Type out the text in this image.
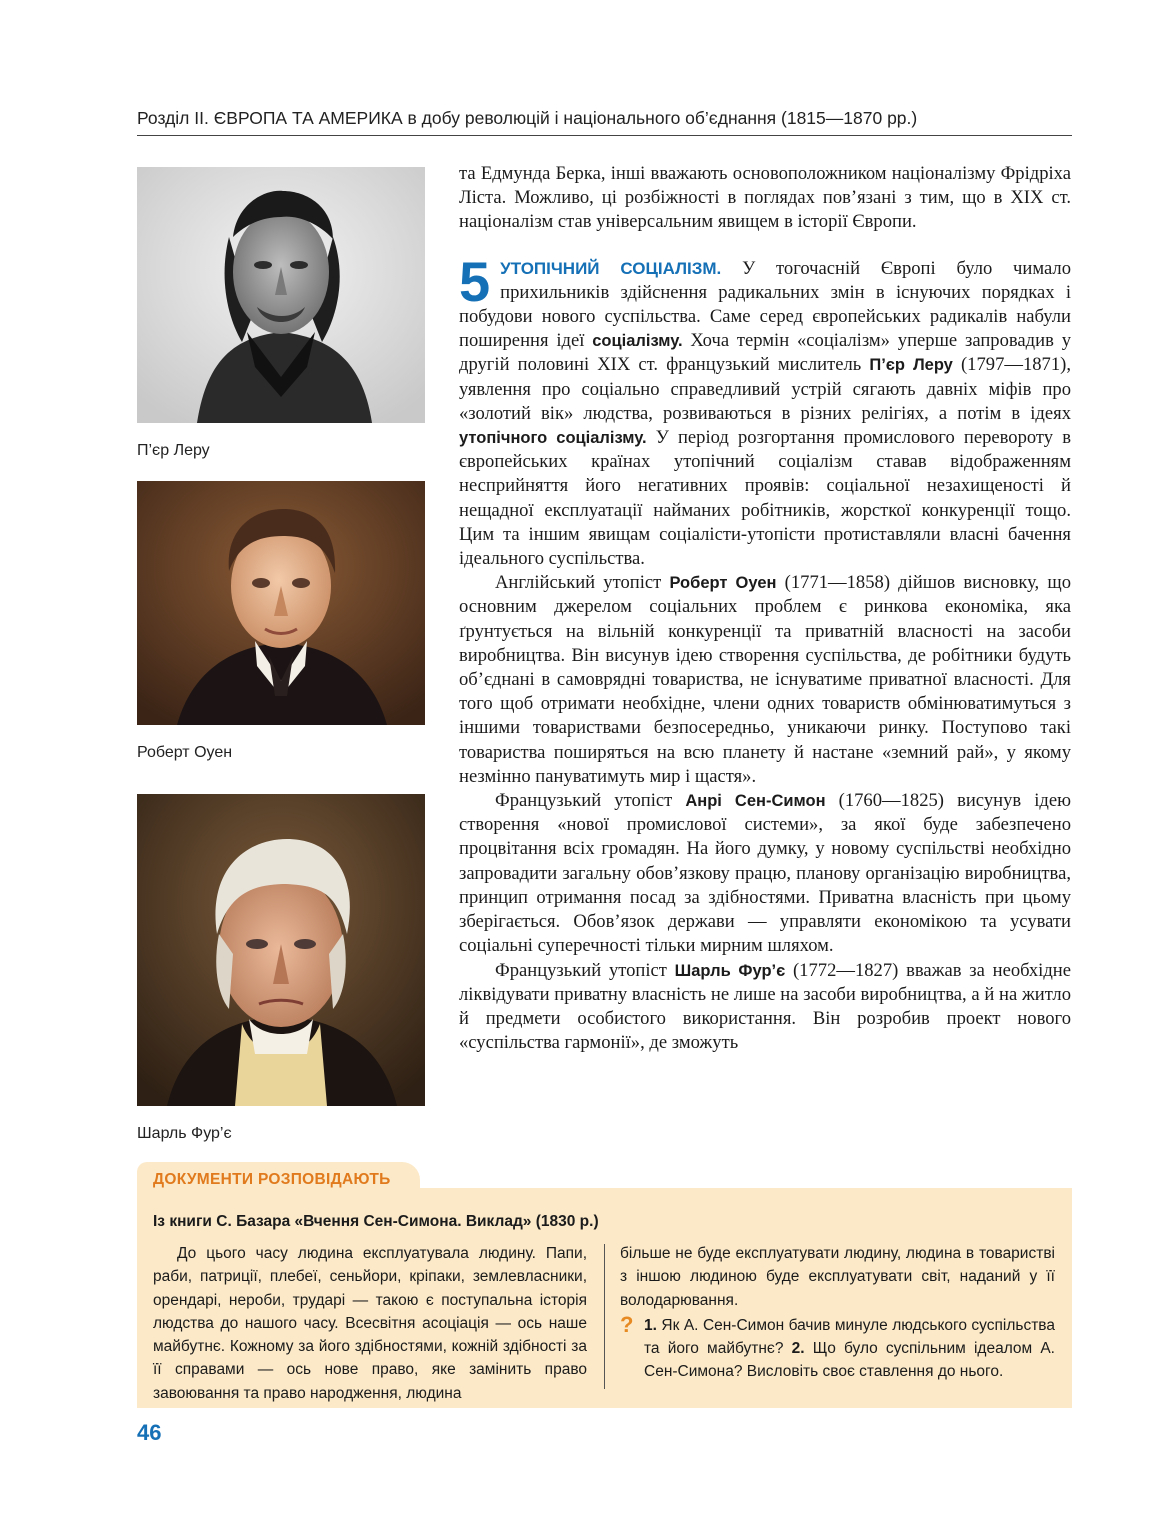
Розділ ІІ. ЄВРОПА ТА АМЕРИКА в добу революцій і національного об’єднання (1815—1870 рр.)
П’єр Леру
Роберт Оуен
Шарль Фур’є

та Едмунда Берка, інші вважають основоположником націоналізму Фрідріха Ліста. Можливо, ці розбіжності в поглядах пов’язані з тим, що в ХІХ ст. націоналізм став універсальним явищем в історії Європи.

5 УТОПІЧНИЙ СОЦІАЛІЗМ. У тогочасній Європі було чимало прихильників здійснення радикальних змін в існуючих порядках і побудови нового суспільства. Саме серед європейських радикалів набули поширення ідеї соціалізму. Хоча термін «соціалізм» уперше запровадив у другій половині ХІХ ст. французький мислитель П’єр Леру (1797—1871), уявлення про соціально справедливий устрій сягають давніх міфів про «золотий вік» людства, розвиваються в різних релігіях, а потім в ідеях утопічного соціалізму. У період розгортання промислового перевороту в європейських країнах утопічний соціалізм ставав відображенням несприйняття його негативних проявів: соціальної незахищеності й нещадної експлуатації найманих робітників, жорсткої конкуренції тощо. Цим та іншим явищам соціалісти-утопісти протиставляли власні бачення ідеального суспільства.

Англійський утопіст Роберт Оуен (1771—1858) дійшов висновку, що основним джерелом соціальних проблем є ринкова економіка, яка ґрунтується на вільній конкуренції та приватній власності на засоби виробництва. Він висунув ідею створення суспільства, де робітники будуть об’єднані в самоврядні товариства, не існуватиме приватної власності. Для того щоб отримати необхідне, члени одних товариств обмінюватимуться з іншими товариствами безпосередньо, уникаючи ринку. Поступово такі товариства поширяться на всю планету й настане «земний рай», у якому незмінно пануватимуть мир і щастя».

Французький утопіст Анрі Сен-Симон (1760—1825) висунув ідею створення «нової промислової системи», за якої буде забезпечено процвітання всіх громадян. На його думку, у новому суспільстві необхідно запровадити загальну обов’язкову працю, планову організацію виробництва, принцип отримання посад за здібностями. Приватна власність при цьому зберігається. Обов’язок держави — управляти економікою та усувати соціальні суперечності тільки мирним шляхом.

Французький утопіст Шарль Фур’є (1772—1827) вважав за необхідне ліквідувати приватну власність не лише на засоби виробництва, а й на житло й предмети особистого використання. Він розробив проект нового «суспільства гармонії», де зможуть

ДОКУМЕНТИ РОЗПОВІДАЮТЬ
Із книги С. Базара «Вчення Сен-Симона. Виклад» (1830 р.)
До цього часу людина експлуатувала людину. Папи, раби, патриції, плебеї, сеньйори, кріпаки, землевласники, орендарі, нероби, трударі — такою є поступальна історія людства до нашого часу. Всесвітня асоціація — ось наше майбутнє. Кожному за його здібностями, кожній здібності за її справами — ось нове право, яке замінить право завоювання та право народження, людина
більше не буде експлуатувати людину, людина в товаристві з іншою людиною буде експлуатувати світ, наданий у її володарювання.
? 1. Як А. Сен-Симон бачив минуле людського суспільства та його майбутнє? 2. Що було суспільним ідеалом А. Сен-Симона? Висловіть своє ставлення до нього.
46
